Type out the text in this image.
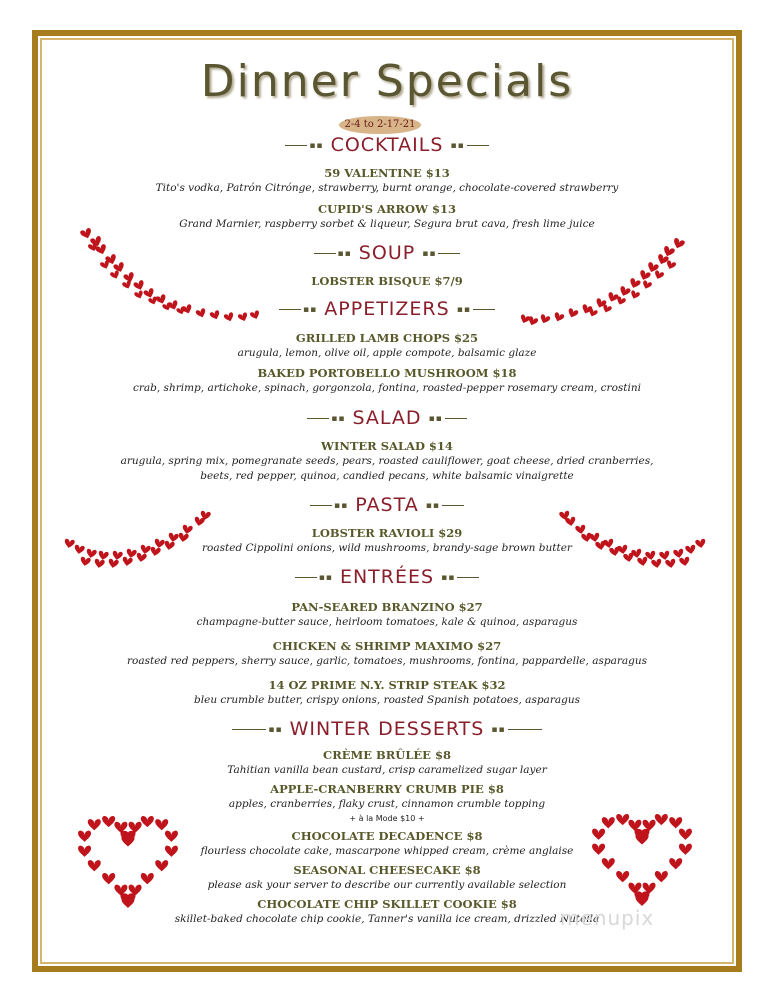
Dinner Specials
2-4 to 2-17-21
▪▪ COCKTAILS ▪▪
59 VALENTINE $13
Tito's vodka, Patrón Citrónge, strawberry, burnt orange, chocolate-covered strawberry
CUPID'S ARROW $13
Grand Marnier, raspberry sorbet & liqueur, Segura brut cava, fresh lime juice
▪▪ SOUP ▪▪
LOBSTER BISQUE $7/9
▪▪ APPETIZERS ▪▪
GRILLED LAMB CHOPS $25
arugula, lemon, olive oil, apple compote, balsamic glaze
BAKED PORTOBELLO MUSHROOM $18
crab, shrimp, artichoke, spinach, gorgonzola, fontina, roasted-pepper rosemary cream, crostini
▪▪ SALAD ▪▪
WINTER SALAD $14
arugula, spring mix, pomegranate seeds, pears, roasted cauliflower, goat cheese, dried cranberries,
beets, red pepper, quinoa, candied pecans, white balsamic vinaigrette
▪▪ PASTA ▪▪
LOBSTER RAVIOLI $29
roasted Cippolini onions, wild mushrooms, brandy-sage brown butter
▪▪ ENTRÉES ▪▪
PAN-SEARED BRANZINO $27
champagne-butter sauce, heirloom tomatoes, kale & quinoa, asparagus
CHICKEN & SHRIMP MAXIMO $27
roasted red peppers, sherry sauce, garlic, tomatoes, mushrooms, fontina, pappardelle, asparagus
14 OZ PRIME N.Y. STRIP STEAK $32
bleu crumble butter, crispy onions, roasted Spanish potatoes, asparagus
▪▪ WINTER DESSERTS ▪▪
CRÈME BRÛLÉE $8
Tahitian vanilla bean custard, crisp caramelized sugar layer
APPLE-CRANBERRY CRUMB PIE $8
apples, cranberries, flaky crust, cinnamon crumble topping
+ à la Mode $10 +
CHOCOLATE DECADENCE $8
flourless chocolate cake, mascarpone whipped cream, crème anglaise
SEASONAL CHEESECAKE $8
please ask your server to describe our currently available selection
CHOCOLATE CHIP SKILLET COOKIE $8
skillet-baked chocolate chip cookie, Tanner's vanilla ice cream, drizzled Nutella
menupix
